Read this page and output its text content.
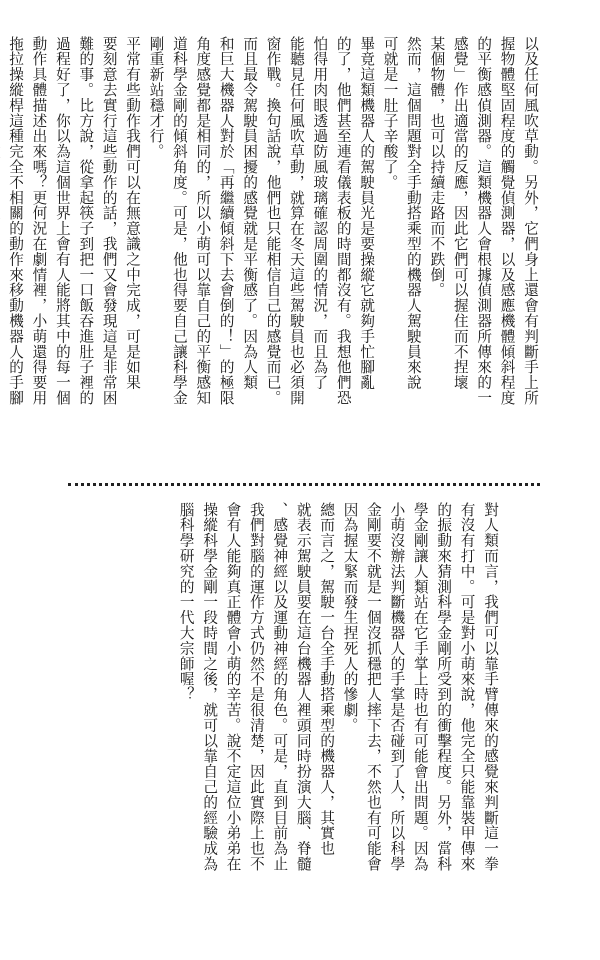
以及任何風吹草動。另外，它們身上還會有判斷手上所

握物體堅固程度的觸覺偵測器，以及感應機體傾斜程度

的平衡感偵測器。這類機器人會根據偵測器所傳來的一

感覺」作出適當的反應，因此它們可以握住而不捏壞

某個物體，也可以持續走路而不跌倒。

然而，這個問題對全手動搭乘型的機器人駕駛員來說

可就是一肚子辛酸了。

畢竟這類機器人的駕駛員光是要操縱它就夠手忙腳亂

的了，他們甚至連看儀表板的時間都沒有。我想他們恐

怕得用肉眼透過防風玻璃確認周圍的情況，而且為了

能聽見任何風吹草動，就算在冬天這些駕駛員也必須開

窗作戰。換句話說，他們也只能相信自己的感覺而已。

而且最令駕駛員困擾的感覺就是平衡感了。因為人類

和巨大機器人對於「再繼續傾斜下去會倒的！」的極限

角度感覺都是相同的，所以小萌可以靠自己的平衡感知

道科學金剛的傾斜角度。可是，他也得要自己讓科學金

剛重新站穩才行。

平常有些動作我們可以在無意識之中完成，可是如果

要刻意去實行這些動作的話，我們又會發現這是非常困

難的事。比方說，從拿起筷子到把一口飯吞進肚子裡的

過程好了，你以為這個世界上會有人能將其中的每一個

動作具體描述出來嗎？更何況在劇情裡，小萌還得要用

拖拉操縱桿這種完全不相關的動作來移動機器人的手腳

對人類而言，我們可以靠手臂傳來的感覺來判斷這一拳

有沒有打中。可是對小萌來說，他完全只能靠裝甲傳來

的振動來猜測科學金剛所受到的衝擊程度。另外，當科

學金剛讓人類站在它手掌上時也有可能會出問題。因為

小萌沒辦法判斷機器人的手掌是否碰到了人，所以科學

金剛要不就是一個沒抓穩把人摔下去，不然也有可能會

因為握太緊而發生捏死人的慘劇。

總而言之，駕駛一台全手動搭乘型的機器人，其實也

就表示駕駛員要在這台機器人裡頭同時扮演大腦、脊髓

、感覺神經以及運動神經的角色。可是，直到目前為止

我們對腦的運作方式仍然不是很清楚，因此實際上也不

會有人能夠真正體會小萌的辛苦。說不定這位小弟弟在

操縱科學金剛一段時間之後，就可以靠自己的經驗成為

腦科學研究的一代大宗師喔？
